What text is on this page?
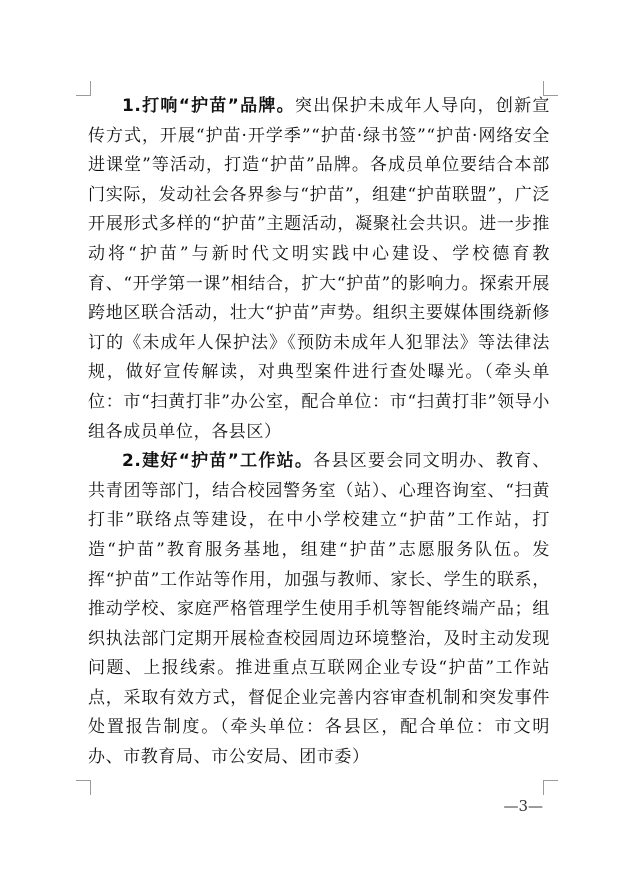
1.打响“护苗”品牌。突出保护未成年人导向，创新宣传方式，开展“护苗·开学季”“护苗·绿书签”“护苗·网络安全进课堂”等活动，打造“护苗”品牌。各成员单位要结合本部门实际，发动社会各界参与“护苗”，组建“护苗联盟”，广泛开展形式多样的“护苗”主题活动，凝聚社会共识。进一步推动将“护苗”与新时代文明实践中心建设、学校德育教育、“开学第一课”相结合，扩大“护苗”的影响力。探索开展跨地区联合活动，壮大“护苗”声势。组织主要媒体围绕新修订的《未成年人保护法》《预防未成年人犯罪法》等法律法规，做好宣传解读，对典型案件进行查处曝光。（牵头单位：市“扫黄打非”办公室，配合单位：市“扫黄打非”领导小组各成员单位，各县区）

2.建好“护苗”工作站。各县区要会同文明办、教育、共青团等部门，结合校园警务室（站）、心理咨询室、“扫黄打非”联络点等建设，在中小学校建立“护苗”工作站，打造“护苗”教育服务基地，组建“护苗”志愿服务队伍。发挥“护苗”工作站等作用，加强与教师、家长、学生的联系，推动学校、家庭严格管理学生使用手机等智能终端产品；组织执法部门定期开展检查校园周边环境整治，及时主动发现问题、上报线索。推进重点互联网企业专设“护苗”工作站点，采取有效方式，督促企业完善内容审查机制和突发事件处置报告制度。（牵头单位：各县区，配合单位：市文明办、市教育局、市公安局、团市委）

—3—
